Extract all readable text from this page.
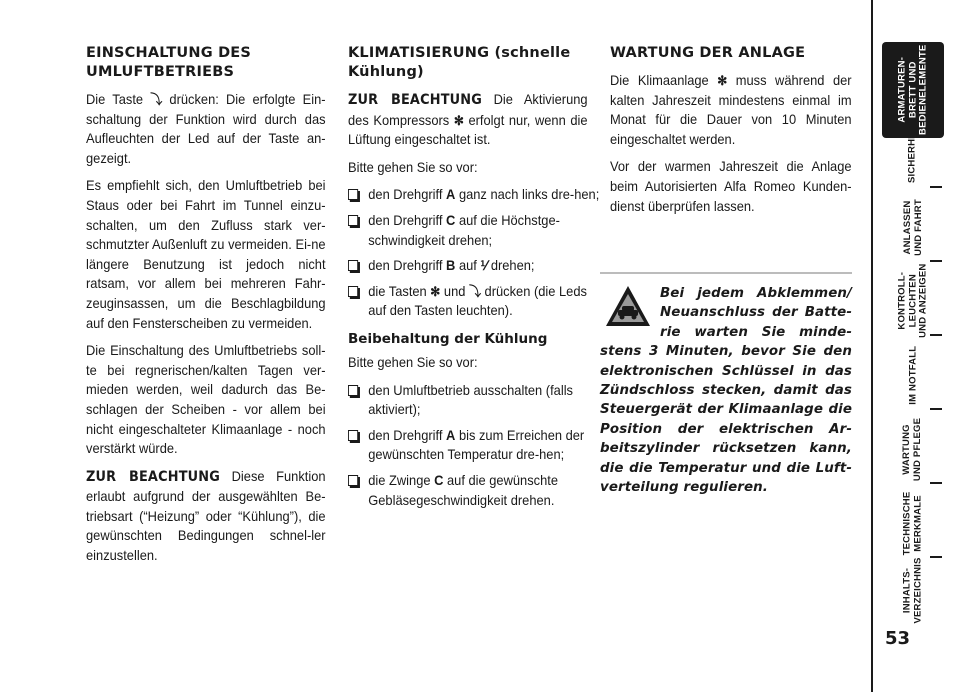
EINSCHALTUNG DES UMLUFTBETRIEBS

Die Taste ⤵ drücken: Die erfolgte Ein-schaltung der Funktion wird durch das Aufleuchten der Led auf der Taste an-gezeigt.

Es empfiehlt sich, den Umluftbetrieb bei Staus oder bei Fahrt im Tunnel einzu-schalten, um den Zufluss stark ver-schmutzter Außenluft zu vermeiden. Ei-ne längere Benutzung ist jedoch nicht ratsam, vor allem bei mehreren Fahr-zeuginsassen, um die Beschlagbildung auf den Fensterscheiben zu vermeiden.

Die Einschaltung des Umluftbetriebs soll-te bei regnerischen/kalten Tagen ver-mieden werden, weil dadurch das Be-schlagen der Scheiben - vor allem bei nicht eingeschalteter Klimaanlage - noch verstärkt würde.

ZUR BEACHTUNG Diese Funktion erlaubt aufgrund der ausgewählten Be-triebsart (“Heizung” oder “Kühlung”), die gewünschten Bedingungen schnel-ler einzustellen.

KLIMATISIERUNG (schnelle Kühlung)

ZUR BEACHTUNG Die Aktivierung des Kompressors ✻ erfolgt nur, wenn die Lüftung eingeschaltet ist.

Bitte gehen Sie so vor:

den Drehgriff A ganz nach links dre-hen;
den Drehgriff C auf die Höchstge-schwindigkeit drehen;
den Drehgriff B auf ⅟ drehen;
die Tasten ✻ und ⤵ drücken (die Leds auf den Tasten leuchten).
Beibehaltung der Kühlung

Bitte gehen Sie so vor:

den Umluftbetrieb ausschalten (falls aktiviert);
den Drehgriff A bis zum Erreichen der gewünschten Temperatur dre-hen;
die Zwinge C auf die gewünschte Gebläsegeschwindigkeit drehen.
WARTUNG DER ANLAGE

Die Klimaanlage ✻ muss während der kalten Jahreszeit mindestens einmal im Monat für die Dauer von 10 Minuten eingeschaltet werden.

Vor der warmen Jahreszeit die Anlage beim Autorisierten Alfa Romeo Kunden-dienst überprüfen lassen.

Bei jedem Abklemmen/ Neuanschluss der Batte-rie warten Sie minde-stens 3 Minuten, bevor Sie den elektronischen Schlüssel in das Zündschloss stecken, damit das Steuergerät der Klimaanlage die Position der elektrischen Ar-beitszylinder rücksetzen kann, die die Temperatur und die Luft-verteilung regulieren.
ARMATUREN-
BRETT UND
BEDIENELEMENTE
SICHERHEIT
ANLASSEN
UND FAHRT
KONTROLL-
LEUCHTEN
UND ANZEIGEN
IM NOTFALL
WARTUNG
UND PFLEGE
TECHNISCHE
MERKMALE
INHALTS-
VERZEICHNIS
53
